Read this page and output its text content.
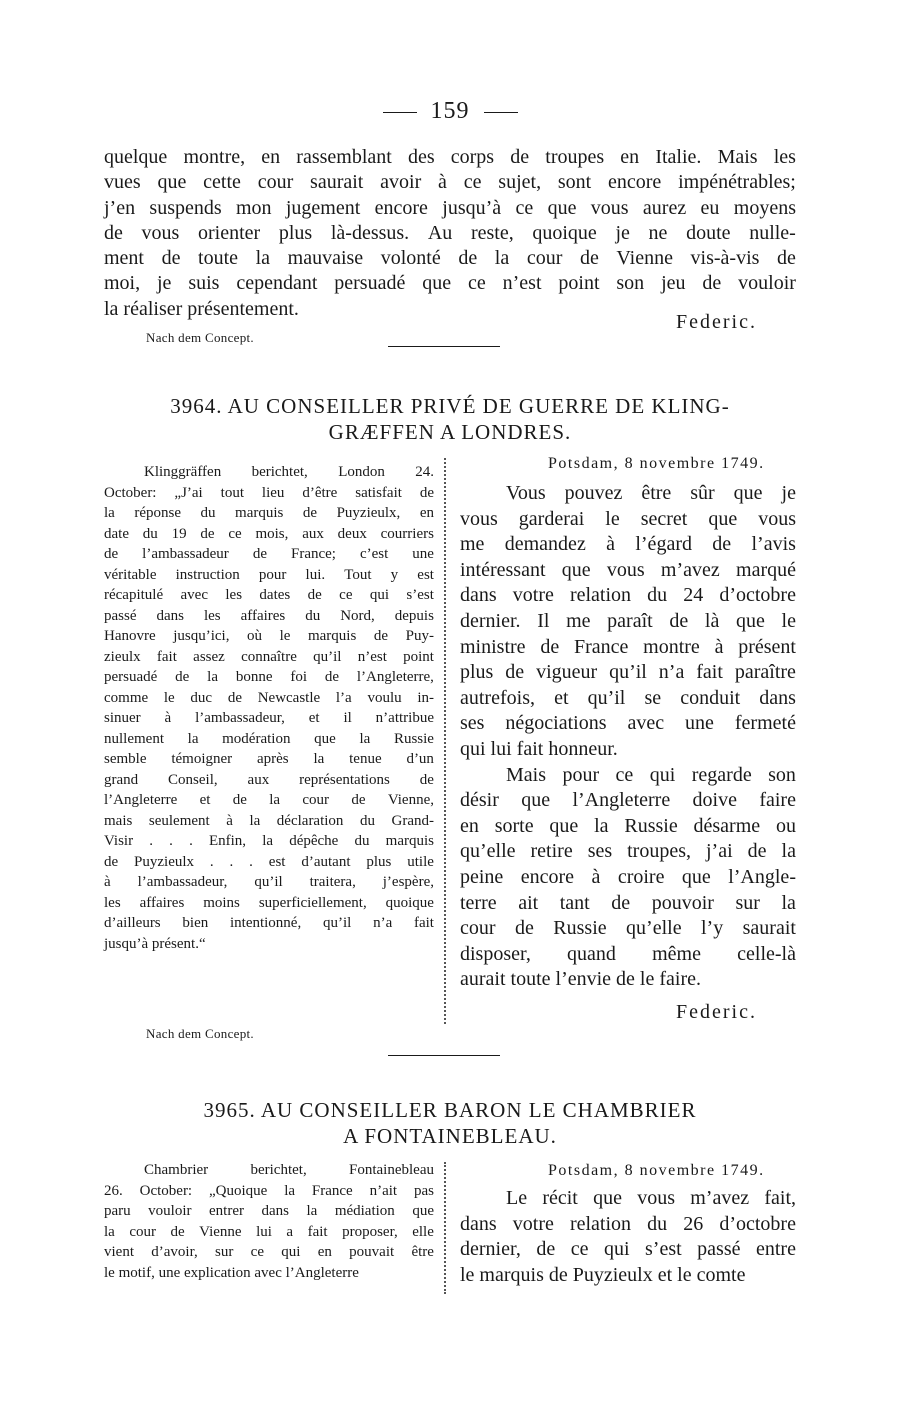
159
quelque montre, en rassemblant des corps de troupes en Italie. Mais les
vues que cette cour saurait avoir à ce sujet, sont encore impénétrables;
j’en suspends mon jugement encore jusqu’à ce que vous aurez eu moyens
de vous orienter plus là-dessus. Au reste, quoique je ne doute nulle-
ment de toute la mauvaise volonté de la cour de Vienne vis-à-vis de
moi, je suis cependant persuadé que ce n’est point son jeu de vouloir
la réaliser présentement.
Nach dem Concept.
Federic.
3964. AU CONSEILLER PRIVÉ DE GUERRE DE KLING-
GRÆFFEN A LONDRES.
Klinggräffen berichtet, London 24.
October: „J’ai tout lieu d’être satisfait de
la réponse du marquis de Puyzieulx, en
date du 19 de ce mois, aux deux courriers
de l’ambassadeur de France; c’est une
véritable instruction pour lui. Tout y est
récapitulé avec les dates de ce qui s’est
passé dans les affaires du Nord, depuis
Hanovre jusqu’ici, où le marquis de Puy-
zieulx fait assez connaître qu’il n’est point
persuadé de la bonne foi de l’Angleterre,
comme le duc de Newcastle l’a voulu in-
sinuer à l’ambassadeur, et il n’attribue
nullement la modération que la Russie
semble témoigner après la tenue d’un
grand Conseil, aux représentations de
l’Angleterre et de la cour de Vienne,
mais seulement à la déclaration du Grand-
Visir . . . Enfin, la dépêche du marquis
de Puyzieulx . . . est d’autant plus utile
à l’ambassadeur, qu’il traitera, j’espère,
les affaires moins superficiellement, quoique
d’ailleurs bien intentionné, qu’il n’a fait
jusqu’à présent.“
Potsdam, 8 novembre 1749.
Vous pouvez être sûr que je
vous garderai le secret que vous
me demandez à l’égard de l’avis
intéressant que vous m’avez marqué
dans votre relation du 24 d’octobre
dernier. Il me paraît de là que le
ministre de France montre à présent
plus de vigueur qu’il n’a fait paraître
autrefois, et qu’il se conduit dans
ses négociations avec une fermeté
qui lui fait honneur.
Mais pour ce qui regarde son
désir que l’Angleterre doive faire
en sorte que la Russie désarme ou
qu’elle retire ses troupes, j’ai de la
peine encore à croire que l’Angle-
terre ait tant de pouvoir sur la
cour de Russie qu’elle l’y saurait
disposer, quand même celle-là
aurait toute l’envie de le faire.
Federic.
Nach dem Concept.
3965. AU CONSEILLER BARON LE CHAMBRIER
A FONTAINEBLEAU.
Chambrier	berichtet,	Fontainebleau
26. October: „Quoique la France n’ait pas
paru vouloir entrer dans la médiation que
la cour de Vienne lui a fait proposer, elle
vient d’avoir, sur ce qui en pouvait être
le motif, une explication avec l’Angleterre
Potsdam, 8 novembre 1749.
Le récit que vous m’avez fait,
dans votre relation du 26 d’octobre
dernier, de ce qui s’est passé entre
le marquis de Puyzieulx et le comte
